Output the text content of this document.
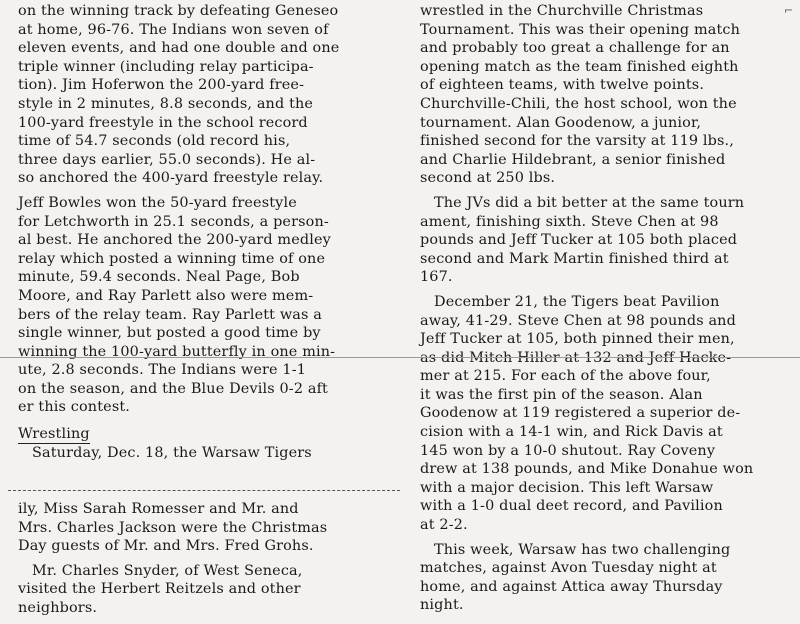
on the winning track by defeating Geneseo
at home, 96-76. The Indians won seven of
eleven events, and had one double and one
triple winner (including relay participa-
tion). Jim Hoferwon the 200-yard free-
style in 2 minutes, 8.8 seconds, and the
100-yard freestyle in the school record
time of 54.7 seconds (old record his,
three days earlier, 55.0 seconds). He al-
so anchored the 400-yard freestyle relay.

Jeff Bowles won the 50-yard freestyle
for Letchworth in 25.1 seconds, a person-
al best. He anchored the 200-yard medley
relay which posted a winning time of one
minute, 59.4 seconds. Neal Page, Bob
Moore, and Ray Parlett also were mem-
bers of the relay team. Ray Parlett was a
single winner, but posted a good time by
winning the 100-yard butterfly in one min-
ute, 2.8 seconds. The Indians were 1-1
on the season, and the Blue Devils 0-2 aft
er this contest.

Wrestling
Saturday, Dec. 18, the Warsaw Tigers

ily, Miss Sarah Romesser and Mr. and
Mrs. Charles Jackson were the Christmas
Day guests of Mr. and Mrs. Fred Grohs.

Mr. Charles Snyder, of West Seneca,
visited the Herbert Reitzels and other
neighbors.

wrestled in the Churchville Christmas
Tournament. This was their opening match
and probably too great a challenge for an
opening match as the team finished eighth
of eighteen teams, with twelve points.
Churchville-Chili, the host school, won the
tournament. Alan Goodenow, a junior,
finished second for the varsity at 119 lbs.,
and Charlie Hildebrant, a senior finished
second at 250 lbs.

The JVs did a bit better at the same tourn
ament, finishing sixth. Steve Chen at 98
pounds and Jeff Tucker at 105 both placed
second and Mark Martin finished third at
167.

December 21, the Tigers beat Pavilion
away, 41-29. Steve Chen at 98 pounds and
Jeff Tucker at 105, both pinned their men,
as did Mitch Hiller at 132 and Jeff Hacke-
mer at 215. For each of the above four,
it was the first pin of the season. Alan
Goodenow at 119 registered a superior de-
cision with a 14-1 win, and Rick Davis at
145 won by a 10-0 shutout. Ray Coveny
drew at 138 pounds, and Mike Donahue won
with a major decision. This left Warsaw
with a 1-0 dual deet record, and Pavilion
at 2-2.

This week, Warsaw has two challenging
matches, against Avon Tuesday night at
home, and against Attica away Thursday
night.

⌐
